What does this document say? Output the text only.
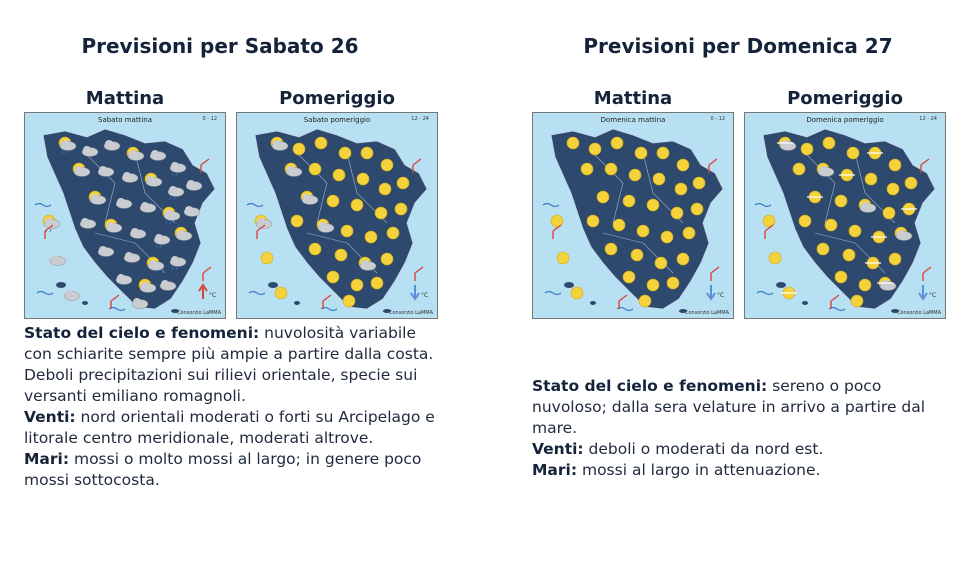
Previsioni per Sabato 26
Mattina	Pomeriggio
°C
Sabato mattina	0 - 12
Consorzio LaMMA
°C
Sabato pomeriggio	12 - 24
Consorzio LaMMA
Previsioni per Domenica 27
Mattina	Pomeriggio
°C
Domenica mattina	0 - 12
Consorzio LaMMA
°C
Domenica pomeriggio	12 - 24
Consorzio LaMMA

Stato del cielo e fenomeni: nuvolosità variabile con schiarite sempre più ampie a partire dalla costa. Deboli precipitazioni sui rilievi orientale, specie sui versanti emiliano romagnoli.

Venti: nord orientali moderati o forti su Arcipelago e litorale centro meridionale, moderati altrove.

Mari: mossi o molto mossi al largo; in genere poco mossi sottocosta.

Stato del cielo e fenomeni: sereno o poco nuvoloso; dalla sera velature in arrivo a partire dal mare.

Venti: deboli o moderati da nord est.

Mari: mossi al largo in attenuazione.
